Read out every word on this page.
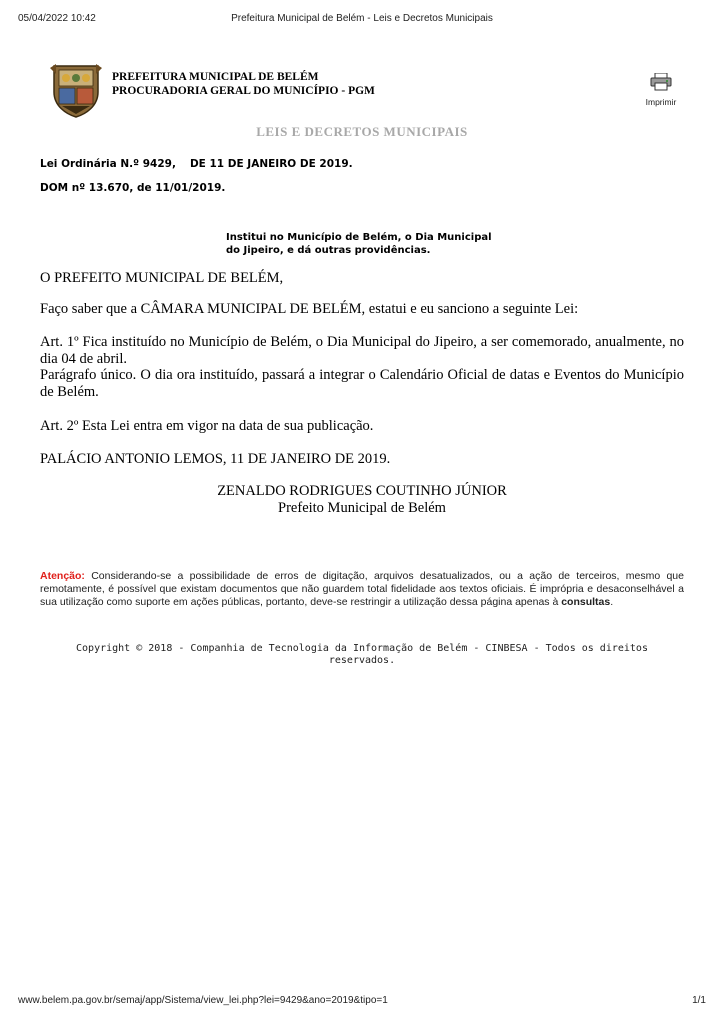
05/04/2022 10:42	Prefeitura Municipal de Belém - Leis e Decretos Municipais
PREFEITURA MUNICIPAL DE BELÉM
PROCURADORIA GERAL DO MUNICÍPIO - PGM
Imprimir
LEIS E DECRETOS MUNICIPAIS
Lei Ordinária N.º 9429, DE 11 DE JANEIRO DE 2019.
DOM nº 13.670, de 11/01/2019.
Institui no Município de Belém, o Dia Municipal
do Jipeiro, e dá outras providências.

O PREFEITO MUNICIPAL DE BELÉM,

Faço saber que a CÂMARA MUNICIPAL DE BELÉM, estatui e eu sanciono a seguinte Lei:

Art. 1º Fica instituído no Município de Belém, o Dia Municipal do Jipeiro, a ser comemorado, anualmente, no dia 04 de abril.

Parágrafo único. O dia ora instituído, passará a integrar o Calendário Oficial de datas e Eventos do Município de Belém.

Art. 2º Esta Lei entra em vigor na data de sua publicação.

PALÁCIO ANTONIO LEMOS, 11 DE JANEIRO DE 2019.

ZENALDO RODRIGUES COUTINHO JÚNIOR
Prefeito Municipal de Belém
Atenção: Considerando-se a possibilidade de erros de digitação, arquivos desatualizados, ou a ação de terceiros, mesmo que remotamente, é possível que existam documentos que não guardem total fidelidade aos textos oficiais. É imprópria e desaconselhável a sua utilização como suporte em ações públicas, portanto, deve-se restringir a utilização dessa página apenas à consultas.
Copyright © 2018 - Companhia de Tecnologia da Informação de Belém - CINBESA - Todos os direitos
reservados.
www.belem.pa.gov.br/semaj/app/Sistema/view_lei.php?lei=9429&ano=2019&tipo=1	1/1
